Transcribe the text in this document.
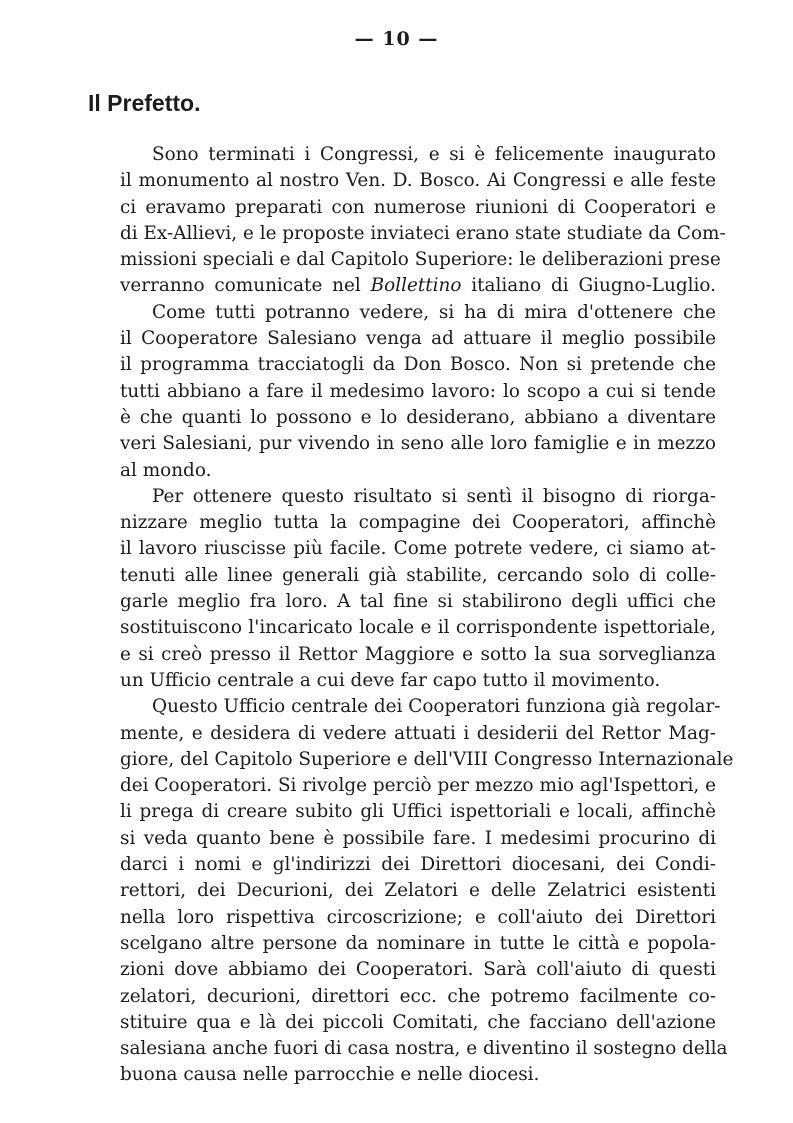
— 10 —
Il Prefetto.
Sono terminati i Congressi, e si è felicemente inaugurato
il monumento al nostro Ven. D. Bosco. Ai Congressi e alle feste
ci eravamo preparati con numerose riunioni di Cooperatori e
di Ex-Allievi, e le proposte inviateci erano state studiate da Com-
missioni speciali e dal Capitolo Superiore: le deliberazioni prese
verranno comunicate nel Bollettino italiano di Giugno-Luglio.
Come tutti potranno vedere, si ha di mira d'ottenere che
il Cooperatore Salesiano venga ad attuare il meglio possibile
il programma tracciatogli da Don Bosco. Non si pretende che
tutti abbiano a fare il medesimo lavoro: lo scopo a cui si tende
è che quanti lo possono e lo desiderano, abbiano a diventare
veri Salesiani, pur vivendo in seno alle loro famiglie e in mezzo
al mondo.
Per ottenere questo risultato si sentì il bisogno di riorga-
nizzare meglio tutta la compagine dei Cooperatori, affinchè
il lavoro riuscisse più facile. Come potrete vedere, ci siamo at-
tenuti alle linee generali già stabilite, cercando solo di colle-
garle meglio fra loro. A tal fine si stabilirono degli uffici che
sostituiscono l'incaricato locale e il corrispondente ispettoriale,
e si creò presso il Rettor Maggiore e sotto la sua sorveglianza
un Ufficio centrale a cui deve far capo tutto il movimento.
Questo Ufficio centrale dei Cooperatori funziona già regolar-
mente, e desidera di vedere attuati i desiderii del Rettor Mag-
giore, del Capitolo Superiore e dell'VIII Congresso Internazionale
dei Cooperatori. Si rivolge perciò per mezzo mio agl'Ispettori, e
li prega di creare subito gli Uffici ispettoriali e locali, affinchè
si veda quanto bene è possibile fare. I medesimi procurino di
darci i nomi e gl'indirizzi dei Direttori diocesani, dei Condi-
rettori, dei Decurioni, dei Zelatori e delle Zelatrici esistenti
nella loro rispettiva circoscrizione; e coll'aiuto dei Direttori
scelgano altre persone da nominare in tutte le città e popola-
zioni dove abbiamo dei Cooperatori. Sarà coll'aiuto di questi
zelatori, decurioni, direttori ecc. che potremo facilmente co-
stituire qua e là dei piccoli Comitati, che facciano dell'azione
salesiana anche fuori di casa nostra, e diventino il sostegno della
buona causa nelle parrocchie e nelle diocesi.
